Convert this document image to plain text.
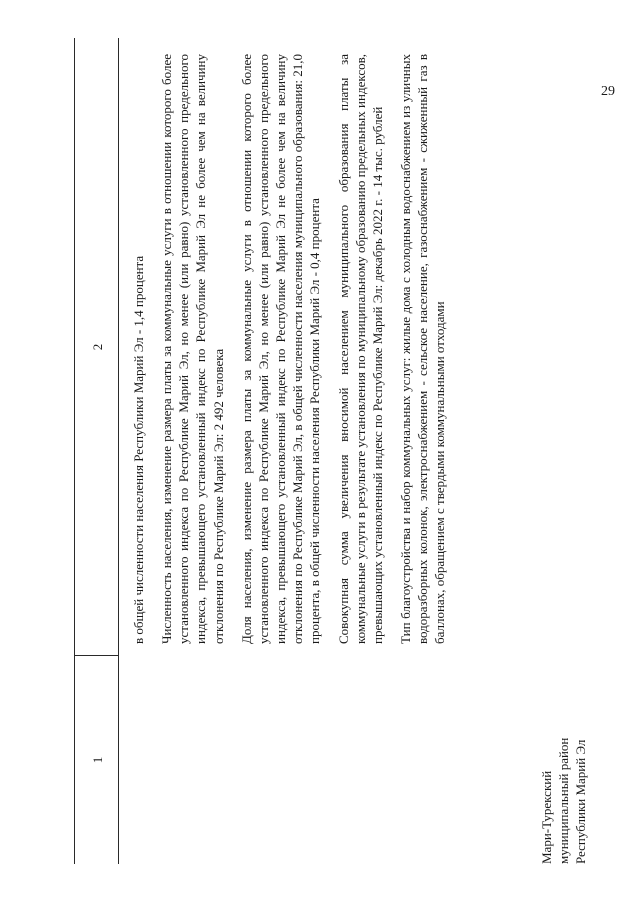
29
1
2
Мари-Турекский муниципальный район Республики Марий Эл

в общей численности населения Республики Марий Эл - 1,4 процента Численность населения, изменение размера платы за коммунальные услуги в отношении которого более установленного индекса по Республике Марий Эл, но менее (или равно) установленного предельного индекса, превышающего установленный индекс по Республике Марий Эл не более чем на величину отклонения по Республике Марий Эл: 2 492 человека Доля населения, изменение размера платы за коммунальные услуги в отношении которого более установленного индекса по Республике Марий Эл, но менее (или равно) установленного предельного индекса, превышающего установленный индекс по Республике Марий Эл не более чем на величину отклонения по Республике Марий Эл, в общей численности населения муниципального образования: 21,0 процента, в общей численности населения Республики Марий Эл - 0,4 процента Совокупная сумма увеличения вносимой населением муниципального образования платы за коммунальные услуги в результате установления по муниципальному образованию предельных индексов, превышающих установленный индекс по Республике Марий Эл: декабрь 2022 г. - 14 тыс. рублей Тип благоустройства и набор коммунальных услуг: жилые дома с холодным водоснабжением из уличных водоразборных колонок, электроснабжением - сельское население, газоснабжением - сжиженный газ в баллонах, обращением с твердыми коммунальными отходами
